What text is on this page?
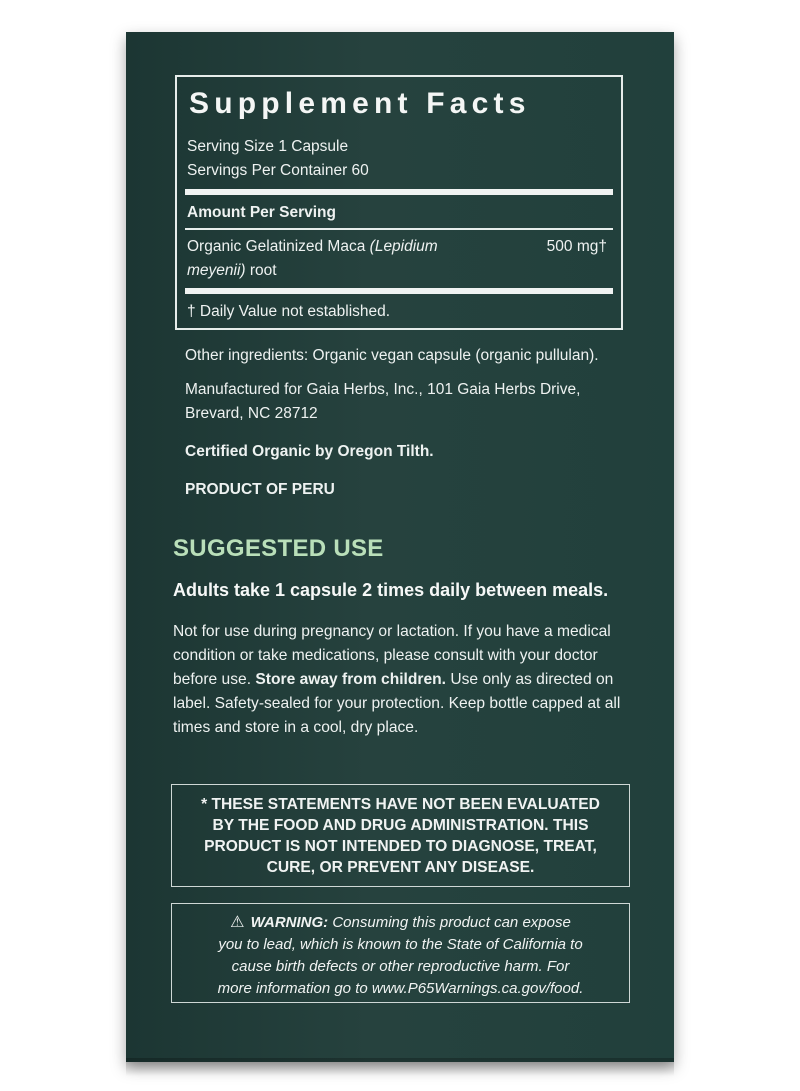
Supplement Facts
Serving Size 1 Capsule
Servings Per Container 60
Amount Per Serving
Organic Gelatinized Maca (Lepidium
meyenii) root
500 mg†
† Daily Value not established.
Other ingredients: Organic vegan capsule (organic pullulan).
Manufactured for Gaia Herbs, Inc., 101 Gaia Herbs Drive,
Brevard, NC 28712
Certified Organic by Oregon Tilth.
PRODUCT OF PERU
SUGGESTED USE
Adults take 1 capsule 2 times daily between meals.
Not for use during pregnancy or lactation. If you have a medical condition or take medications, please consult with your doctor before use. Store away from children. Use only as directed on label. Safety-sealed for your protection. Keep bottle capped at all times and store in a cool, dry place.
* THESE STATEMENTS HAVE NOT BEEN EVALUATED
BY THE FOOD AND DRUG ADMINISTRATION. THIS
PRODUCT IS NOT INTENDED TO DIAGNOSE, TREAT,
CURE, OR PREVENT ANY DISEASE.
⚠ WARNING: Consuming this product can expose
you to lead, which is known to the State of California to
cause birth defects or other reproductive harm. For
more information go to www.P65Warnings.ca.gov/food.
